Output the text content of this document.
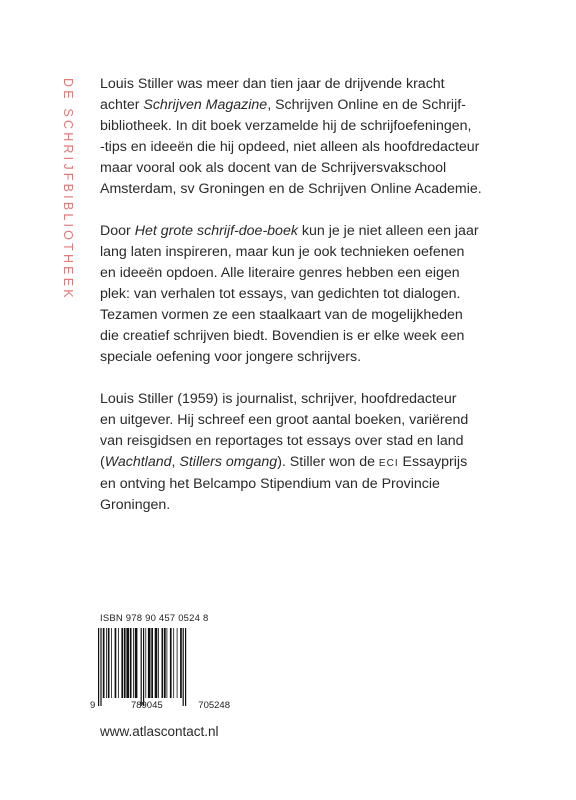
DE SCHRIJFBIBLIOTHEEK Louis Stiller was meer dan tien jaar de drijvende kracht
achter Schrijven Magazine, Schrijven Online en de Schrijf-
bibliotheek. In dit boek verzamelde hij de schrijfoefeningen,
-tips en ideeën die hij opdeed, niet alleen als hoofdredacteur
maar vooral ook als docent van de Schrijversvakschool
Amsterdam, sv Groningen en de Schrijven Online Academie.

Door Het grote schrijf-doe-boek kun je je niet alleen een jaar
lang laten inspireren, maar kun je ook technieken oefenen
en ideeën opdoen. Alle literaire genres hebben een eigen
plek: van verhalen tot essays, van gedichten tot dialogen.
Tezamen vormen ze een staalkaart van de mogelijkheden
die creatief schrijven biedt. Bovendien is er elke week een
speciale oefening voor jongere schrijvers.

Louis Stiller (1959) is journalist, schrijver, hoofdredacteur
en uitgever. Hij schreef een groot aantal boeken, variërend
van reisgidsen en reportages tot essays over stad en land
(Wachtland, Stillers omgang). Stiller won de ECI Essayprijs
en ontving het Belcampo Stipendium van de Provincie
Groningen.

ISBN 978 90 457 0524 8
9	789045	705248
www.atlascontact.nl
